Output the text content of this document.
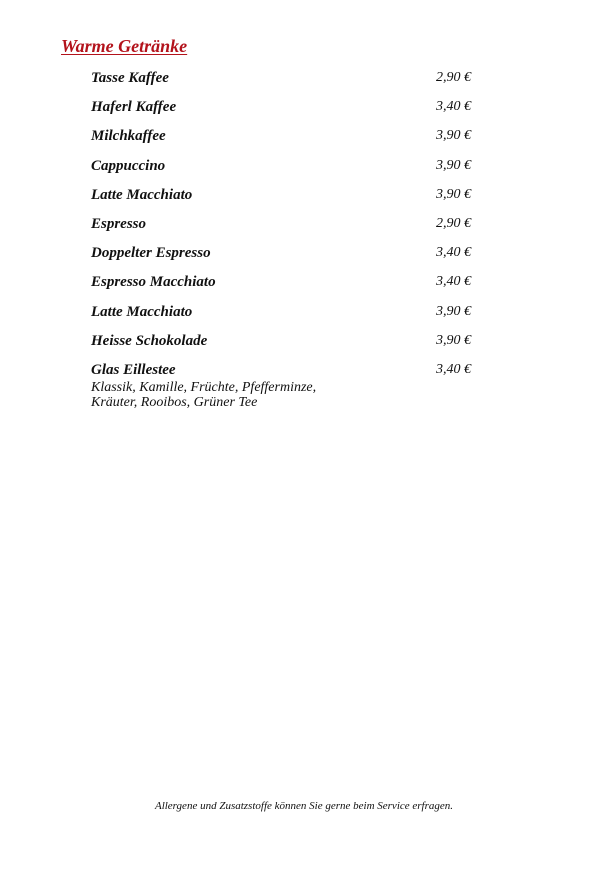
Warme Getränke
Tasse Kaffee	2,90 €
Haferl Kaffee	3,40 €
Milchkaffee	3,90 €
Cappuccino	3,90 €
Latte Macchiato	3,90 €
Espresso	2,90 €
Doppelter Espresso	3,40 €
Espresso Macchiato	3,40 €
Latte Macchiato	3,90 €
Heisse Schokolade	3,90 €
Glas Eillestee	3,40 €
Klassik, Kamille, Früchte, Pfefferminze,
Kräuter, Rooibos, Grüner Tee
Allergene und Zusatzstoffe können Sie gerne beim Service erfragen.
